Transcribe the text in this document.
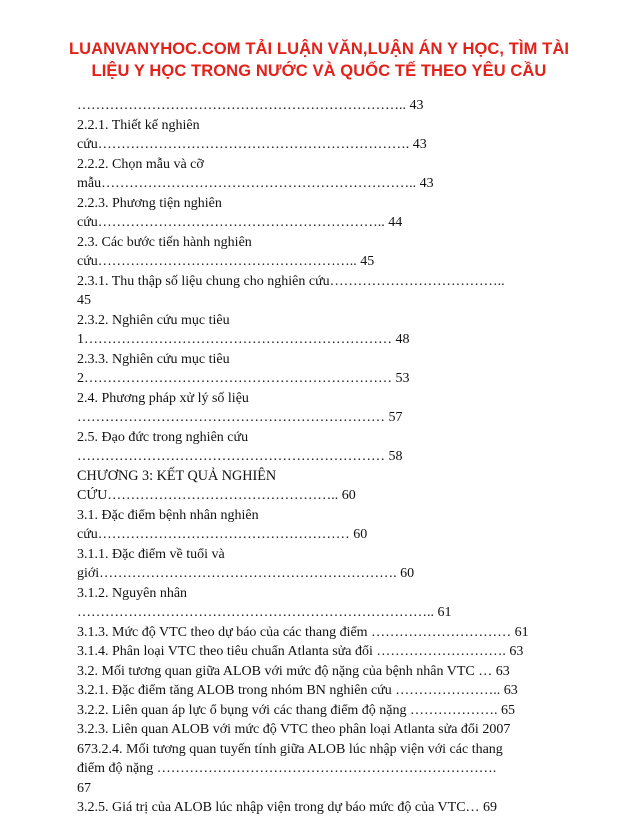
LUANVANYHOC.COM TẢI LUẬN VĂN,LUẬN ÁN Y HỌC, TÌM TÀI
LIỆU Y HỌC TRONG NƯỚC VÀ QUỐC TẾ THEO YÊU CẦU
…………………………………………………………….. 43
2.2.1. Thiết kế nghiên
cứu…………………………………………………………. 43
2.2.2. Chọn mẫu và cỡ
mẫu………………………………………………………….. 43
2.2.3. Phương tiện nghiên
cứu…………………………………………………….. 44
2.3. Các bước tiến hành nghiên
cứu……………………………………………….. 45
2.3.1. Thu thập số liệu chung cho nghiên cứu………………………………..
45
2.3.2. Nghiên cứu mục tiêu
1………………………………………………………… 48
2.3.3. Nghiên cứu mục tiêu
2………………………………………………………… 53
2.4. Phương pháp xử lý số liệu
………………………………………………………… 57
2.5. Đạo đức trong nghiên cứu
………………………………………………………… 58
CHƯƠNG 3: KẾT QUẢ NGHIÊN
CỨU………………………………………….. 60
3.1. Đặc điểm bệnh nhân nghiên
cứu……………………………………………… 60
3.1.1. Đặc điểm về tuổi và
giới………………………………………………………. 60
3.1.2. Nguyên nhân
………………………………………………………………….. 61
3.1.3. Mức độ VTC theo dự báo của các thang điểm ………………………… 61
3.1.4. Phân loại VTC theo tiêu chuẩn Atlanta sửa đổi ………………………. 63
3.2. Mối tương quan giữa ALOB với mức độ nặng của bệnh nhân VTC … 63
3.2.1. Đặc điểm tăng ALOB trong nhóm BN nghiên cứu ………………….. 63
3.2.2. Liên quan áp lực ổ bụng với các thang điểm độ nặng ………………. 65
3.2.3. Liên quan ALOB với mức độ VTC theo phân loại Atlanta sửa đổi 2007
673.2.4. Mối tương quan tuyến tính giữa ALOB lúc nhập viện với các thang
điểm độ nặng ……………………………………………………………….
67
3.2.5. Giá trị của ALOB lúc nhập viện trong dự báo mức độ của VTC… 69
